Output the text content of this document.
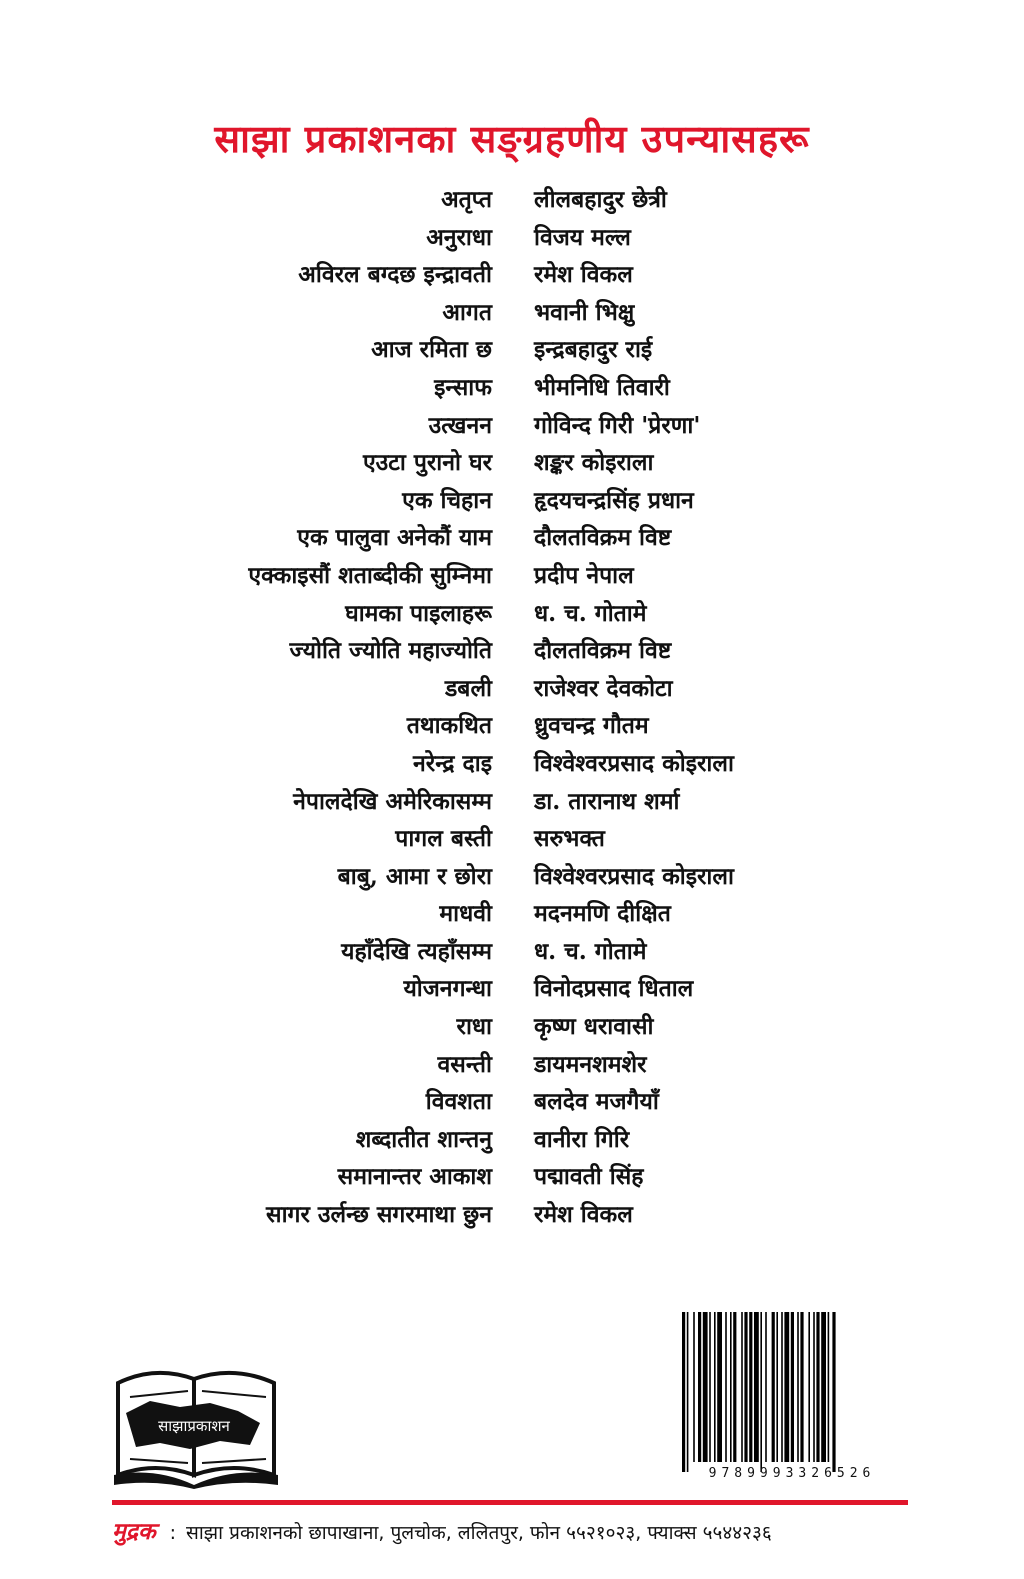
साझा प्रकाशनका सङ्ग्रहणीय उपन्यासहरू
अतृप्त लीलबहादुर छेत्री
अनुराधा विजय मल्ल
अविरल बग्दछ इन्द्रावती रमेश विकल
आगत भवानी भिक्षु
आज रमिता छ इन्द्रबहादुर राई
इन्साफ भीमनिधि तिवारी
उत्खनन गोविन्द गिरी 'प्रेरणा'
एउटा पुरानो घर शङ्कर कोइराला
एक चिहान हृदयचन्द्रसिंह प्रधान
एक पालुवा अनेकौं याम दौलतविक्रम विष्ट
एक्काइसौं शताब्दीकी सुम्निमा प्रदीप नेपाल
घामका पाइलाहरू ध. च. गोतामे
ज्योति ज्योति महाज्योति दौलतविक्रम विष्ट
डबली राजेश्वर देवकोटा
तथाकथित ध्रुवचन्द्र गौतम
नरेन्द्र दाइ विश्वेश्वरप्रसाद कोइराला
नेपालदेखि अमेरिकासम्म डा. तारानाथ शर्मा
पागल बस्ती सरुभक्त
बाबु, आमा र छोरा विश्वेश्वरप्रसाद कोइराला
माधवी मदनमणि दीक्षित
यहाँदेखि त्यहाँसम्म ध. च. गोतामे
योजनगन्धा विनोदप्रसाद धिताल
राधा कृष्ण धरावासी
वसन्ती डायमनशमशेर
विवशता बलदेव मजगैयाँ
शब्दातीत शान्तनु वानीरा गिरि
समानान्तर आकाश पद्मावती सिंह
सागर उर्लन्छ सगरमाथा छुन रमेश विकल
साझाप्रकाशन
9789993326526
मुद्रक : साझा प्रकाशनको छापाखाना, पुलचोक, ललितपुर, फोन ५५२१०२३, फ्याक्स ५५४४२३६
